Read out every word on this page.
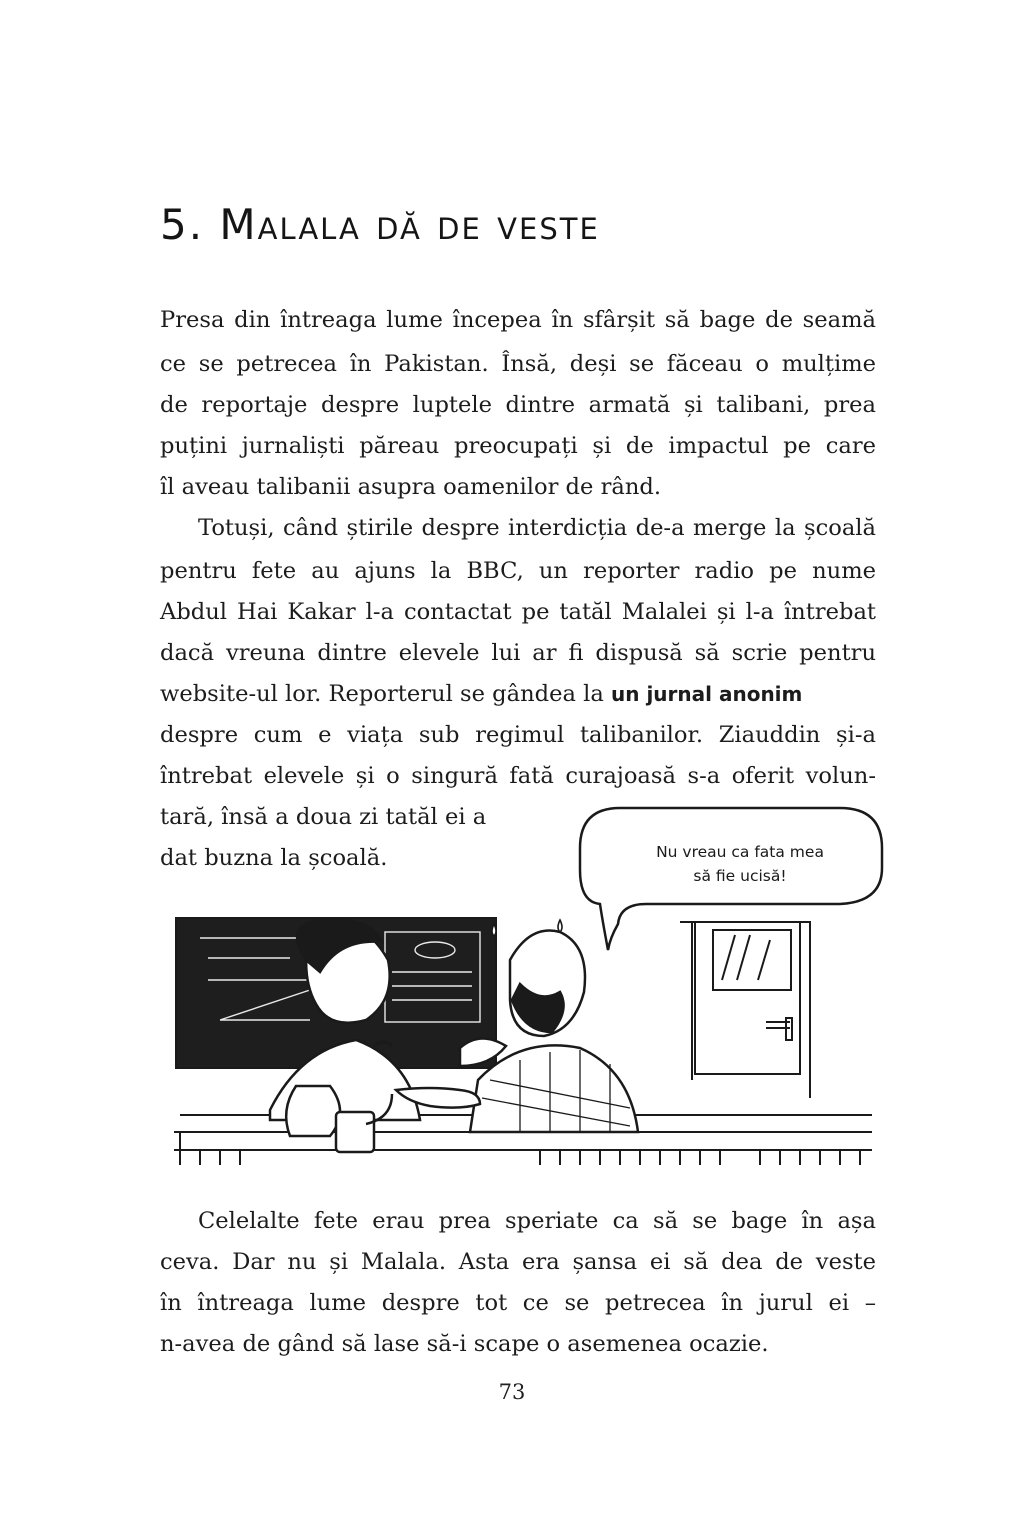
5. Malala dă de veste
Presa din întreaga lume începea în sfârșit să bage de seamă
ce se petrecea în Pakistan. Însă, deși se făceau o mulțime
de reportaje despre luptele dintre armată și talibani, prea
puțini jurnaliști păreau preocupați și de impactul pe care
îl aveau talibanii asupra oamenilor de rând.
Totuși, când știrile despre interdicția de-a merge la școală
pentru fete au ajuns la BBC, un reporter radio pe nume
Abdul Hai Kakar l-a contactat pe tatăl Malalei și l-a întrebat
dacă vreuna dintre elevele lui ar fi dispusă să scrie pentru
website-ul lor. Reporterul se gândea la un jurnal anonim
despre cum e viața sub regimul talibanilor. Ziauddin și-a
întrebat elevele și o singură fată curajoasă s-a oferit volun-
tară, însă a doua zi tatăl ei a
dat buzna la școală.	Nu vreau ca fata mea
să fie ucisă!
Celelalte fete erau prea speriate ca să se bage în așa
ceva. Dar nu și Malala. Asta era șansa ei să dea de veste
în întreaga lume despre tot ce se petrecea în jurul ei –
n-avea de gând să lase să-i scape o asemenea ocazie.
73
